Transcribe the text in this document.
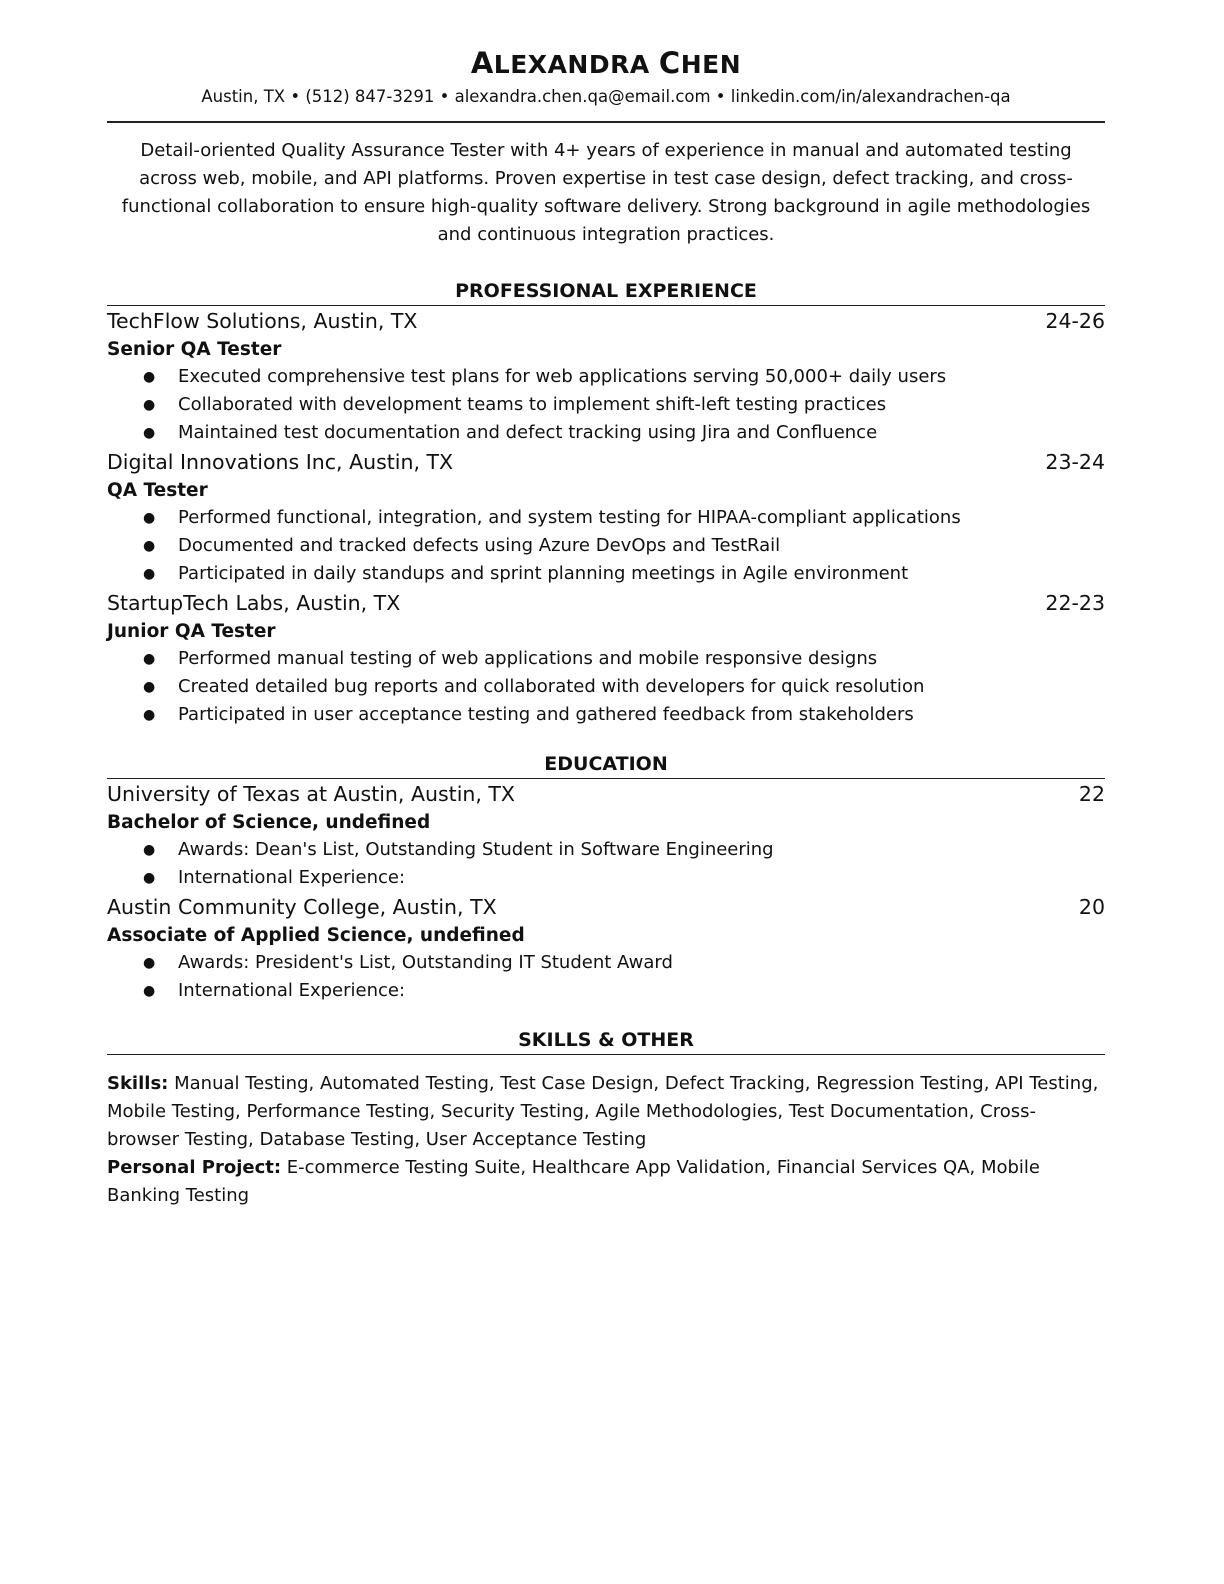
ALEXANDRA CHEN
Austin, TX • (512) 847-3291 • alexandra.chen.qa@email.com • linkedin.com/in/alexandrachen-qa
Detail-oriented Quality Assurance Tester with 4+ years of experience in manual and automated testing across web, mobile, and API platforms. Proven expertise in test case design, defect tracking, and cross-functional collaboration to ensure high-quality software delivery. Strong background in agile methodologies and continuous integration practices.
PROFESSIONAL EXPERIENCE
TechFlow Solutions, Austin, TX	24-26
Senior QA Tester
● Executed comprehensive test plans for web applications serving 50,000+ daily users
● Collaborated with development teams to implement shift-left testing practices
● Maintained test documentation and defect tracking using Jira and Confluence
Digital Innovations Inc, Austin, TX	23-24
QA Tester
● Performed functional, integration, and system testing for HIPAA-compliant applications
● Documented and tracked defects using Azure DevOps and TestRail
● Participated in daily standups and sprint planning meetings in Agile environment
StartupTech Labs, Austin, TX	22-23
Junior QA Tester
● Performed manual testing of web applications and mobile responsive designs
● Created detailed bug reports and collaborated with developers for quick resolution
● Participated in user acceptance testing and gathered feedback from stakeholders
EDUCATION
University of Texas at Austin, Austin, TX	22
Bachelor of Science, undefined
● Awards: Dean's List, Outstanding Student in Software Engineering
● International Experience:
Austin Community College, Austin, TX	20
Associate of Applied Science, undefined
● Awards: President's List, Outstanding IT Student Award
● International Experience:
SKILLS & OTHER
Skills: Manual Testing, Automated Testing, Test Case Design, Defect Tracking, Regression Testing, API Testing, Mobile Testing, Performance Testing, Security Testing, Agile Methodologies, Test Documentation, Cross-browser Testing, Database Testing, User Acceptance Testing
Personal Project: E-commerce Testing Suite, Healthcare App Validation, Financial Services QA, Mobile Banking Testing
